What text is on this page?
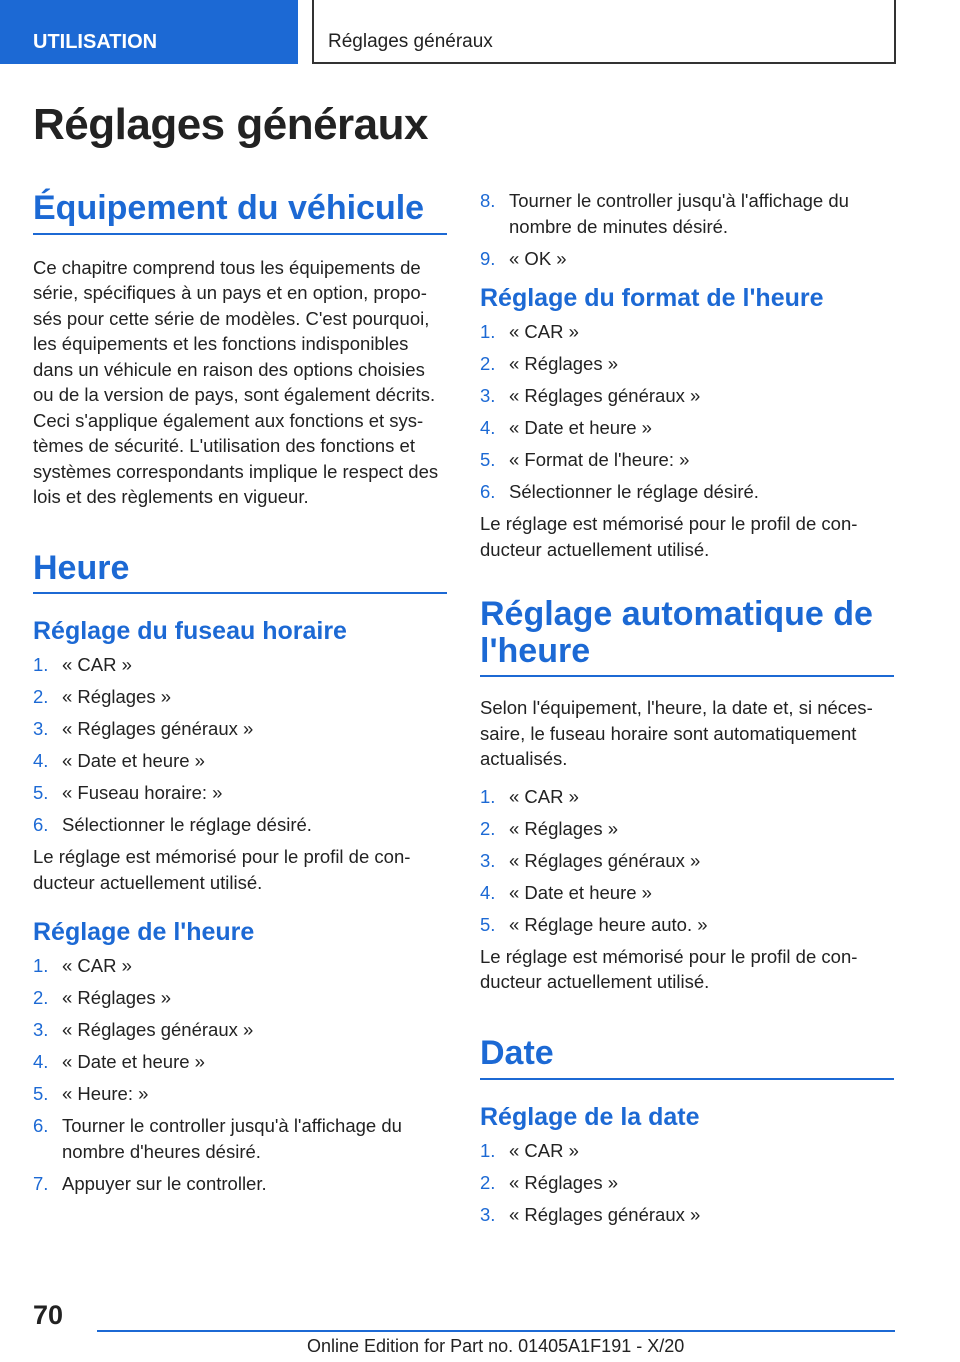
UTILISATION	Réglages généraux
Réglages généraux
Équipement du véhicule

Ce chapitre comprend tous les équipements de série, spécifiques à un pays et en option, proposés pour cette série de modèles. C'est pourquoi, les équipements et les fonctions indisponibles dans un véhicule en raison des options choisies ou de la version de pays, sont également décrits. Ceci s'applique également aux fonctions et systèmes de sécurité. L'utilisation des fonctions et systèmes correspondants implique le respect des lois et des règlements en vigueur.

Heure
Réglage du fuseau horaire
1. « CAR »
2. « Réglages »
3. « Réglages généraux »
4. « Date et heure »
5. « Fuseau horaire: »
6. Sélectionner le réglage désiré.

Le réglage est mémorisé pour le profil de conducteur actuellement utilisé.

Réglage de l'heure
1. « CAR »
2. « Réglages »
3. « Réglages généraux »
4. « Date et heure »
5. « Heure: »
6. Tourner le controller jusqu'à l'affichage du nombre d'heures désiré.
7. Appuyer sur le controller.
8. Tourner le controller jusqu'à l'affichage du nombre de minutes désiré.
9. « OK »
Réglage du format de l'heure
1. « CAR »
2. « Réglages »
3. « Réglages généraux »
4. « Date et heure »
5. « Format de l'heure: »
6. Sélectionner le réglage désiré.

Le réglage est mémorisé pour le profil de conducteur actuellement utilisé.

Réglage automatique de l'heure

Selon l'équipement, l'heure, la date et, si nécessaire, le fuseau horaire sont automatiquement actualisés.

1. « CAR »
2. « Réglages »
3. « Réglages généraux »
4. « Date et heure »
5. « Réglage heure auto. »

Le réglage est mémorisé pour le profil de conducteur actuellement utilisé.

Date
Réglage de la date
1. « CAR »
2. « Réglages »
3. « Réglages généraux »
70
Online Edition for Part no. 01405A1F191 - X/20
